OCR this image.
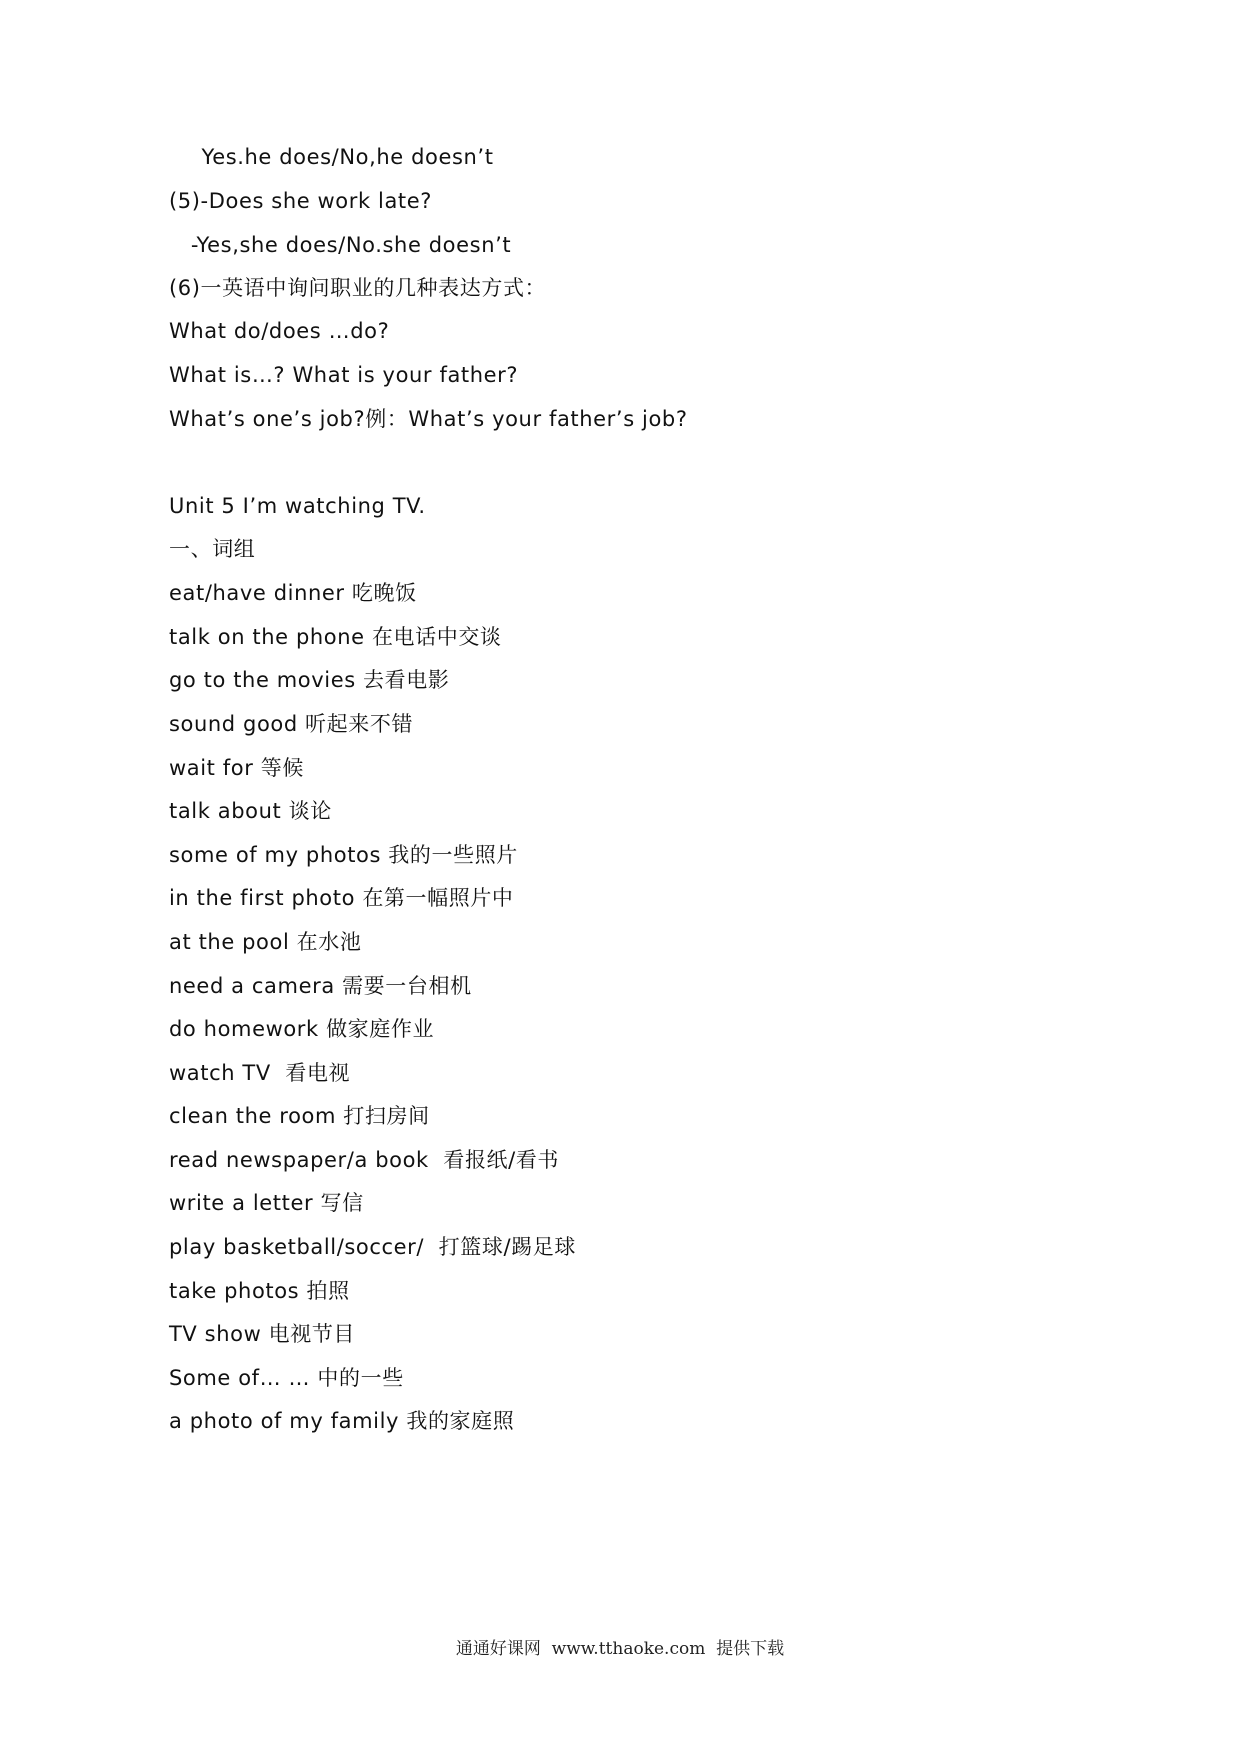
Yes.he does/No,he doesn’t
(5)-Does she work late?
-Yes,she does/No.she doesn’t
(6)一英语中询问职业的几种表达方式：
What do/does …do?
What is…? What is your father?
What’s one’s job?例：What’s your father’s job?
Unit 5 I’m watching TV.
一、词组
eat/have dinner 吃晚饭
talk on the phone 在电话中交谈
go to the movies 去看电影
sound good 听起来不错
wait for 等候
talk about 谈论
some of my photos 我的一些照片
in the first photo 在第一幅照片中
at the pool 在水池
need a camera 需要一台相机
do homework 做家庭作业
watch TV  看电视
clean the room 打扫房间
read newspaper/a book  看报纸/看书
write a letter 写信
play basketball/soccer/  打篮球/踢足球
take photos 拍照
TV show 电视节目
Some of… … 中的一些
a photo of my family 我的家庭照
通通好课网  www.tthaoke.com  提供下载
